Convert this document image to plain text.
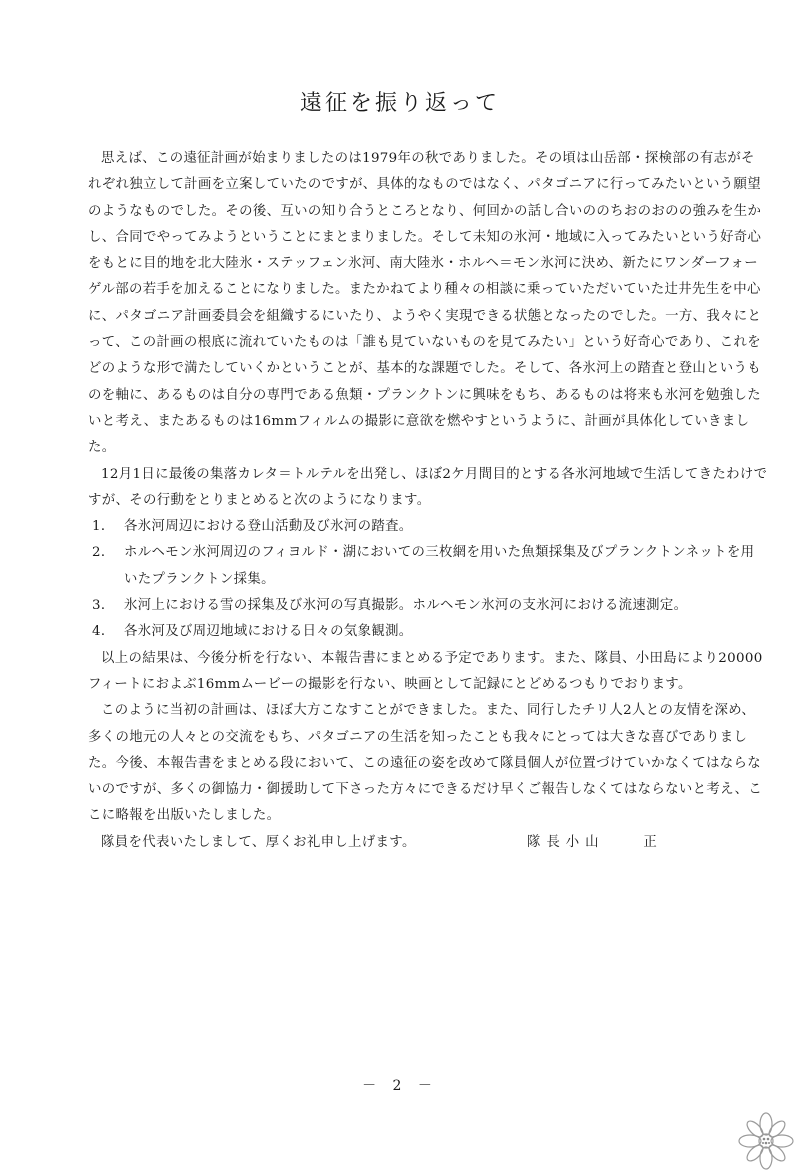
遠征を振り返って

思えば、この遠征計画が始まりましたのは1979年の秋でありました。その頃は山岳部・探検部の有志がそれぞれ独立して計画を立案していたのですが、具体的なものではなく、パタゴニアに行ってみたいという願望のようなものでした。その後、互いの知り合うところとなり、何回かの話し合いののちおのおのの強みを生かし、合同でやってみようということにまとまりました。そして未知の氷河・地域に入ってみたいという好奇心をもとに目的地を北大陸氷・ステッフェン氷河、南大陸氷・ホルヘ＝モン氷河に決め、新たにワンダーフォーゲル部の若手を加えることになりました。またかねてより種々の相談に乗っていただいていた辻井先生を中心に、パタゴニア計画委員会を組織するにいたり、ようやく実現できる状態となったのでした。一方、我々にとって、この計画の根底に流れていたものは「誰も見ていないものを見てみたい」という好奇心であり、これをどのような形で満たしていくかということが、基本的な課題でした。そして、各氷河上の踏査と登山というものを軸に、あるものは自分の専門である魚類・プランクトンに興味をもち、あるものは将来も氷河を勉強したいと考え、またあるものは16mmフィルムの撮影に意欲を燃やすというように、計画が具体化していきました。

12月1日に最後の集落カレタ＝トルテルを出発し、ほぼ2ケ月間目的とする各氷河地域で生活してきたわけですが、その行動をとりまとめると次のようになります。

1． 各氷河周辺における登山活動及び氷河の踏査。
2． ホルヘモン氷河周辺のフィヨルド・湖においての三枚網を用いた魚類採集及びプランクトンネットを用いたプランクトン採集。
3． 氷河上における雪の採集及び氷河の写真撮影。ホルヘモン氷河の支氷河における流速測定。
4． 各氷河及び周辺地域における日々の気象観測。

以上の結果は、今後分析を行ない、本報告書にまとめる予定であります。また、隊員、小田島により20000フィートにおよぶ16mmムービーの撮影を行ない、映画として記録にとどめるつもりでおります。

このように当初の計画は、ほぼ大方こなすことができました。また、同行したチリ人2人との友情を深め、多くの地元の人々との交流をもち、パタゴニアの生活を知ったことも我々にとっては大きな喜びでありました。今後、本報告書をまとめる段において、この遠征の姿を改めて隊員個人が位置づけていかなくてはならないのですが、多くの御協力・御援助して下さった方々にできるだけ早くご報告しなくてはならないと考え、ここに略報を出版いたしました。

隊員を代表いたしまして、厚くお礼申し上げます。	隊長小山　　正
－ 2 －
